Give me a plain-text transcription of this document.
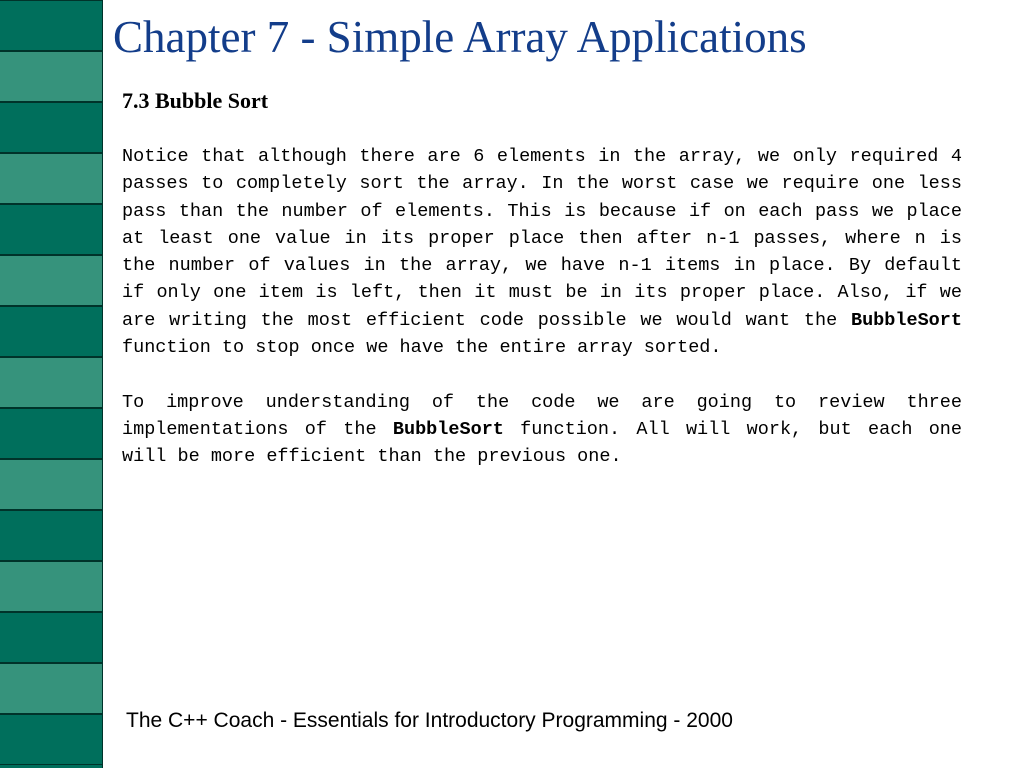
Chapter 7 - Simple Array Applications
7.3 Bubble Sort

Notice that although there are 6 elements in the array, we only required 4 passes to completely sort the array. In the worst case we require one less pass than the number of elements. This is because if on each pass we place at least one value in its proper place then after n-1 passes, where n is the number of values in the array, we have n-1 items in place. By default if only one item is left, then it must be in its proper place. Also, if we are writing the most efficient code possible we would want the BubbleSort function to stop once we have the entire array sorted.

To improve understanding of the code we are going to review three implementations of the BubbleSort function. All will work, but each one will be more efficient than the previous one.

The C++ Coach - Essentials for Introductory Programming - 2000
